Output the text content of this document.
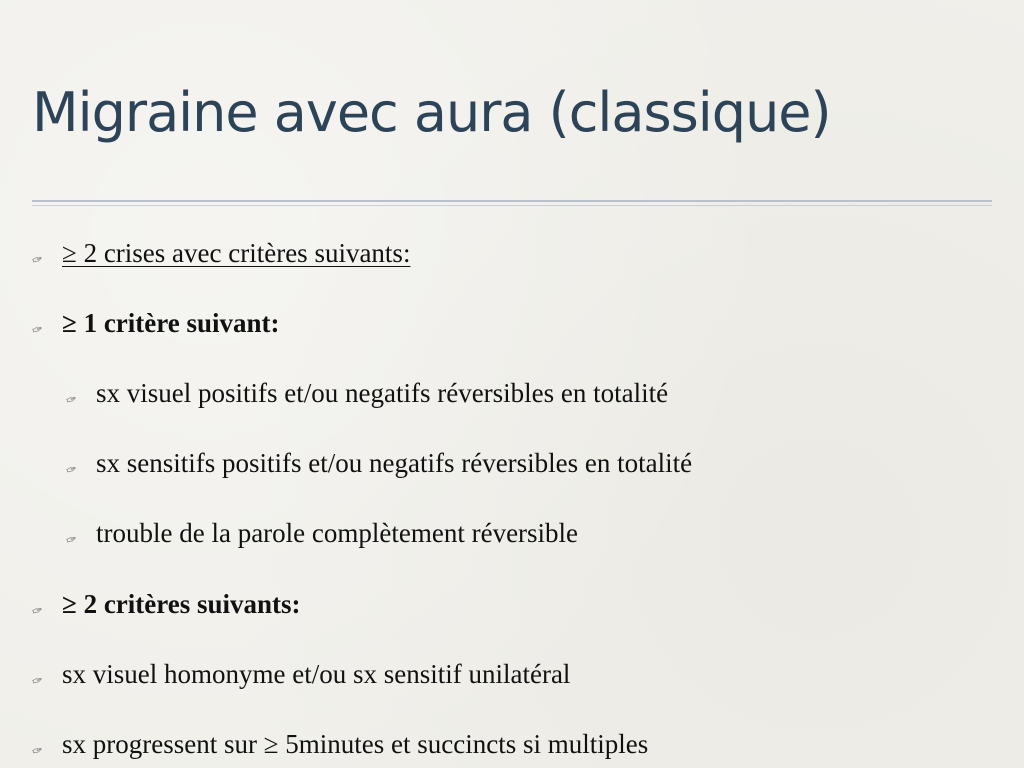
Migraine avec aura (classique)
✑ ≥ 2 crises avec critères suivants:
✑ ≥ 1 critère suivant:
✑ sx visuel positifs et/ou negatifs réversibles en totalité
✑ sx sensitifs positifs et/ou negatifs réversibles en totalité
✑ trouble de la parole complètement réversible
✑ ≥ 2 critères suivants:
✑ sx visuel homonyme et/ou sx sensitif unilatéral
✑ sx progressent sur ≥ 5minutes et succincts si multiples
